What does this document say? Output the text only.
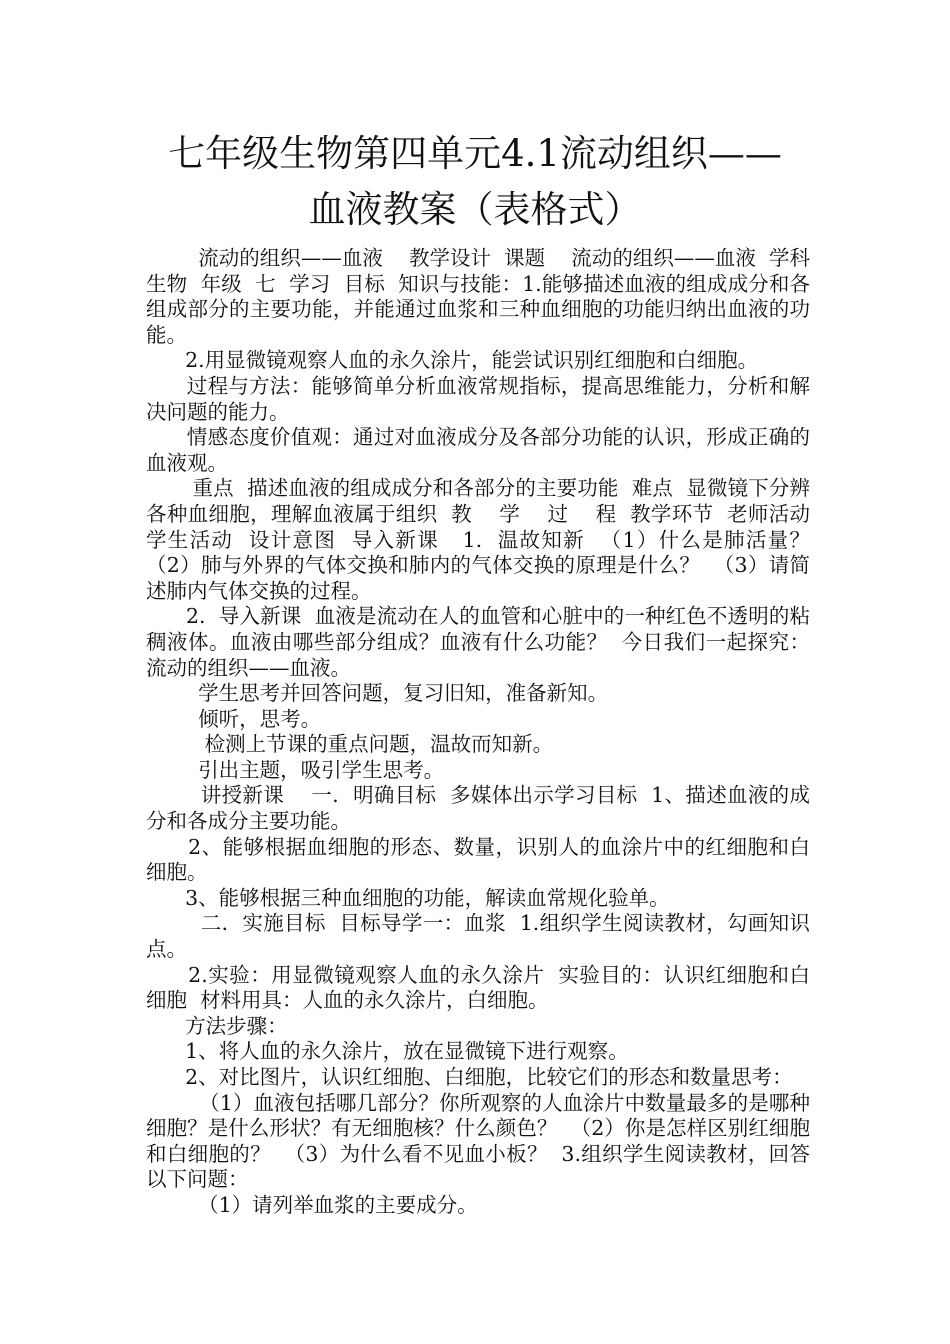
七年级生物第四单元4.1流动组织——血液教案（表格式）

流动的组织——血液    教学设计  课题    流动的组织——血液  学科  生物  年级  七  学习  目标  知识与技能：1.能够描述血液的组成成分和各组成部分的主要功能，并能通过血浆和三种血细胞的功能归纳出血液的功能。

2.用显微镜观察人血的永久涂片，能尝试识别红细胞和白细胞。

过程与方法：能够简单分析血液常规指标，提高思维能力，分析和解决问题的能力。

情感态度价值观：通过对血液成分及各部分功能的认识，形成正确的血液观。

重点  描述血液的组成成分和各部分的主要功能  难点  显微镜下分辨各种血细胞，理解血液属于组织  教    学    过    程  教学环节  老师活动  学生活动  设计意图  导入新课   1.  温故知新  （1）什么是肺活量？  （2）肺与外界的气体交换和肺内的气体交换的原理是什么？  （3）请简述肺内气体交换的过程。

2.  导入新课  血液是流动在人的血管和心脏中的一种红色不透明的粘稠液体。血液由哪些部分组成？血液有什么功能？  今日我们一起探究：流动的组织——血液。

学生思考并回答问题，复习旧知，准备新知。

倾听，思考。

检测上节课的重点问题，温故而知新。

引出主题，吸引学生思考。

讲授新课    一．明确目标  多媒体出示学习目标  1、描述血液的成分和各成分主要功能。

2、能够根据血细胞的形态、数量，识别人的血涂片中的红细胞和白细胞。

3、能够根据三种血细胞的功能，解读血常规化验单。

二．实施目标  目标导学一：血浆  1.组织学生阅读教材，勾画知识点。

2.实验：用显微镜观察人血的永久涂片  实验目的：认识红细胞和白细胞  材料用具：人血的永久涂片，白细胞。

方法步骤：

1、将人血的永久涂片，放在显微镜下进行观察。

2、对比图片，认识红细胞、白细胞，比较它们的形态和数量思考：

（1）血液包括哪几部分？你所观察的人血涂片中数量最多的是哪种细胞？是什么形状？有无细胞核？什么颜色？  （2）你是怎样区别红细胞和白细胞的？  （3）为什么看不见血小板？  3.组织学生阅读教材，回答以下问题：

（1）请列举血浆的主要成分。
